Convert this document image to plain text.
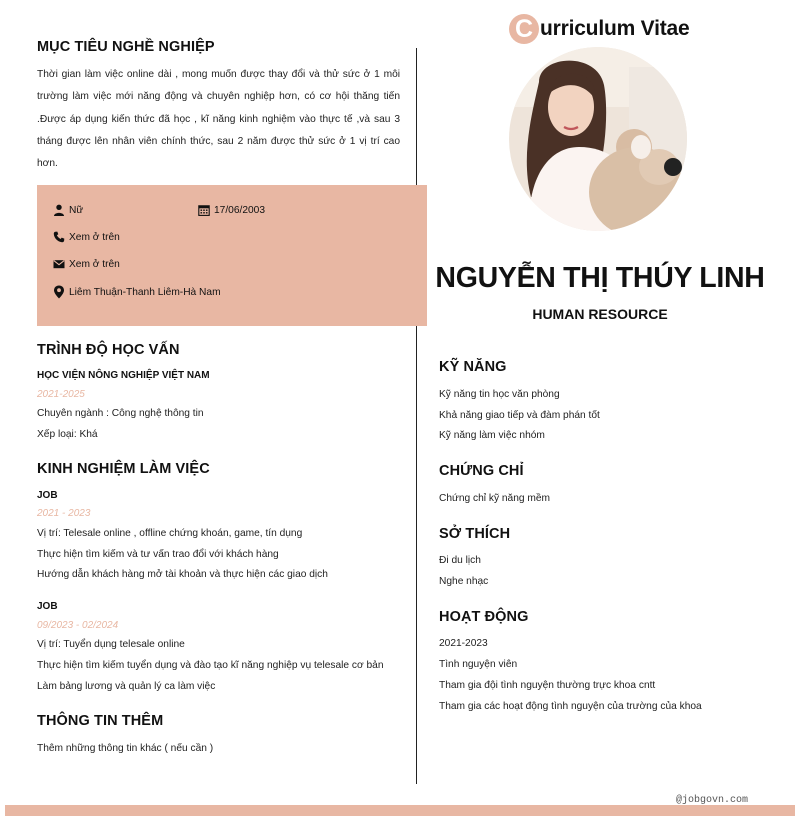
MỤC TIÊU NGHỀ NGHIỆP
Thời gian làm việc online dài , mong muốn được thay đổi và thử sức ở 1 môi trường làm việc mới năng động và chuyên nghiệp hơn, có cơ hội thăng tiến .Được áp dụng kiến thức đã học , kĩ năng kinh nghiệm vào thực tế ,và sau 3 tháng được lên nhân viên chính thức, sau 2 năm được thử sức ở 1 vị trí cao hơn.
Nữ	17/06/2003
Xem ở trên
Xem ở trên
Liêm Thuận-Thanh Liêm-Hà Nam
TRÌNH ĐỘ HỌC VẤN
HỌC VIỆN NÔNG NGHIỆP VIỆT NAM
2021-2025
Chuyên ngành : Công nghệ thông tin
Xếp loại: Khá
KINH NGHIỆM LÀM VIỆC
JOB
2021 - 2023
Vị trí: Telesale online , offline chứng khoán, game, tín dụng
Thực hiện tìm kiếm và tư vấn trao đổi với khách hàng
Hướng dẫn khách hàng mở tài khoản và thực hiện các giao dịch
JOB
09/2023 - 02/2024
Vị trí: Tuyển dụng telesale online
Thực hiện tìm kiếm tuyển dụng và đào tạo kĩ năng nghiệp vụ telesale cơ bản
Làm bảng lương và quản lý ca làm việc
THÔNG TIN THÊM
Thêm những thông tin khác ( nếu cần )
C urriculum Vitae
NGUYỄN THỊ THÚY LINH
HUMAN RESOURCE
KỸ NĂNG
Kỹ năng tin học văn phòng
Khả năng giao tiếp và đàm phán tốt
Kỹ năng làm việc nhóm
CHỨNG CHỈ
Chứng chỉ kỹ năng mềm
SỞ THÍCH
Đi du lịch
Nghe nhạc
HOẠT ĐỘNG
2021-2023
Tình nguyện viên
Tham gia đội tình nguyện thường trực khoa cntt
Tham gia các hoạt động tình nguyện của trường của khoa
@jobgovn.com
